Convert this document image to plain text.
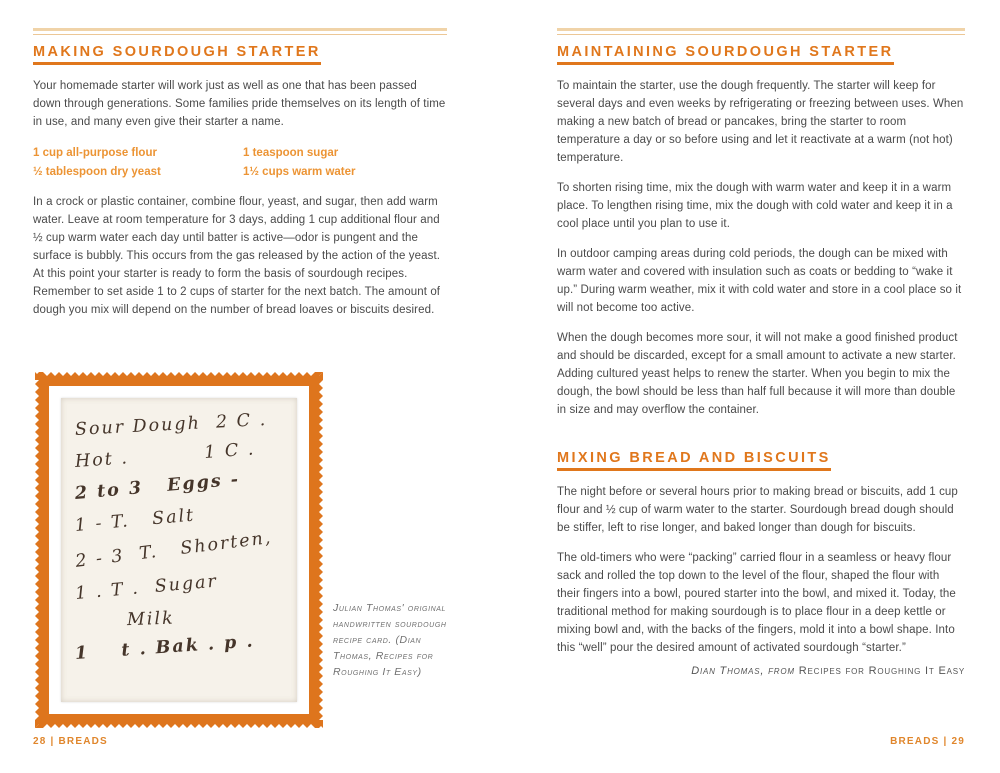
MAKING SOURDOUGH STARTER

Your homemade starter will work just as well as one that has been passed down through generations. Some families pride themselves on its length of time in use, and many even give their starter a name.

1 cup all-purpose flour	1 teaspoon sugar
½ tablespoon dry yeast	1½ cups warm water

In a crock or plastic container, combine flour, yeast, and sugar, then add warm water. Leave at room temperature for 3 days, adding 1 cup additional flour and ½ cup warm water each day until batter is active—odor is pungent and the surface is bubbly. This occurs from the gas released by the action of the yeast. At this point your starter is ready to form the basis of sourdough recipes. Remember to set aside 1 to 2 cups of starter for the next batch. The amount of dough you mix will depend on the number of bread loaves or biscuits desired.

Sour Dough  2 C .
Hot .          1 C .
2 to 3   Eggs -
1 - T.   Salt
2 - 3  T.   Shorten,
1 . T .  Sugar
Milk
1    t . Bak . p .
Julian Thomas' original handwritten sourdough recipe card. (Dian Thomas, Recipes for Roughing It Easy)
28 | BREADS
MAINTAINING SOURDOUGH STARTER

To maintain the starter, use the dough frequently. The starter will keep for several days and even weeks by refrigerating or freezing between uses. When making a new batch of bread or pancakes, bring the starter to room temperature a day or so before using and let it reactivate at a warm (not hot) temperature.

To shorten rising time, mix the dough with warm water and keep it in a warm place. To lengthen rising time, mix the dough with cold water and keep it in a cool place until you plan to use it.

In outdoor camping areas during cold periods, the dough can be mixed with warm water and covered with insulation such as coats or bedding to “wake it up.” During warm weather, mix it with cold water and store in a cool place so it will not become too active.

When the dough becomes more sour, it will not make a good finished product and should be discarded, except for a small amount to activate a new starter. Adding cultured yeast helps to renew the starter. When you begin to mix the dough, the bowl should be less than half full because it will more than double in size and may overflow the container.

MIXING BREAD AND BISCUITS

The night before or several hours prior to making bread or biscuits, add 1 cup flour and ½ cup of warm water to the starter. Sourdough bread dough should be stiffer, left to rise longer, and baked longer than dough for biscuits.

The old-timers who were “packing” carried flour in a seamless or heavy flour sack and rolled the top down to the level of the flour, shaped the flour with their fingers into a bowl, poured starter into the bowl, and mixed it. Today, the traditional method for making sourdough is to place flour in a deep kettle or mixing bowl and, with the backs of the fingers, mold it into a bowl shape. Into this “well” pour the desired amount of activated sourdough “starter.”

Dian Thomas, from Recipes for Roughing It Easy
BREADS | 29
